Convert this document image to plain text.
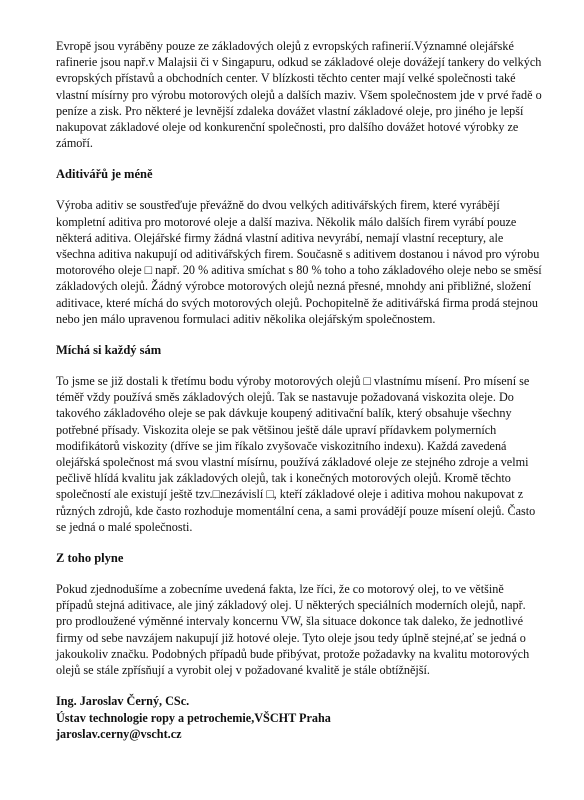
Evropě jsou vyráběny pouze ze základových olejů z evropských rafinerií.Významné olejářské rafinerie jsou např.v Malajsii či v Singapuru, odkud se základové oleje dovážejí tankery do velkých evropských přístavů a obchodních center. V blízkosti těchto center mají velké společnosti také vlastní mísírny pro výrobu motorových olejů a dalších maziv. Všem společnostem jde v prvé řadě o peníze a zisk. Pro některé je levnější zdaleka dovážet vlastní základové oleje, pro jiného je lepší nakupovat základové oleje od konkurenční společnosti, pro dalšího dovážet hotové výrobky ze zámoří.

Aditivářů je méně

Výroba aditiv se soustřeďuje převážně do dvou velkých aditivářských firem, které vyrábějí kompletní aditiva pro motorové oleje a další maziva. Několik málo dalších firem vyrábí pouze některá aditiva. Olejářské firmy žádná vlastní aditiva nevyrábí, nemají vlastní receptury, ale všechna aditiva nakupují od aditivářských firem. Současně s aditivem dostanou i návod pro výrobu motorového oleje □ např. 20 % aditiva smíchat s 80 % toho a toho základového oleje nebo se směsí základových olejů. Žádný výrobce motorových olejů nezná přesné, mnohdy ani přibližné, složení aditivace, které míchá do svých motorových olejů. Pochopitelně že aditivářská firma prodá stejnou nebo jen málo upravenou formulaci aditiv několika olejářským společnostem.

Míchá si každý sám

To jsme se již dostali k třetímu bodu výroby motorových olejů □ vlastnímu mísení. Pro mísení se téměř vždy používá směs základových olejů. Tak se nastavuje požadovaná viskozita oleje. Do takového základového oleje se pak dávkuje koupený aditivační balík, který obsahuje všechny potřebné přísady. Viskozita oleje se pak většinou ještě dále upraví přídavkem polymerních modifikátorů viskozity (dříve se jim říkalo zvyšovače viskozitního indexu). Každá zavedená olejářská společnost má svou vlastní mísírnu, používá základové oleje ze stejného zdroje a velmi pečlivě hlídá kvalitu jak základových olejů, tak i konečných motorových olejů. Kromě těchto společností ale existují ještě tzv.□nezávislí □, kteří základové oleje i aditiva mohou nakupovat z různých zdrojů, kde často rozhoduje momentální cena, a sami provádějí pouze mísení olejů. Často se jedná o malé společnosti.

Z toho plyne

Pokud zjednodušíme a zobecníme uvedená fakta, lze říci, že co motorový olej, to ve většině případů stejná aditivace, ale jiný základový olej. U některých speciálních moderních olejů, např. pro prodloužené výměnné intervaly koncernu VW, šla situace dokonce tak daleko, že jednotlivé firmy od sebe navzájem nakupují již hotové oleje. Tyto oleje jsou tedy úplně stejné,ať se jedná o jakoukoliv značku. Podobných případů bude přibývat, protože požadavky na kvalitu motorových olejů se stále zpřísňují a vyrobit olej v požadované kvalitě je stále obtížnější.

Ing. Jaroslav Černý, CSc.

Ústav technologie ropy a petrochemie,VŠCHT Praha

jaroslav.cerny@vscht.cz
